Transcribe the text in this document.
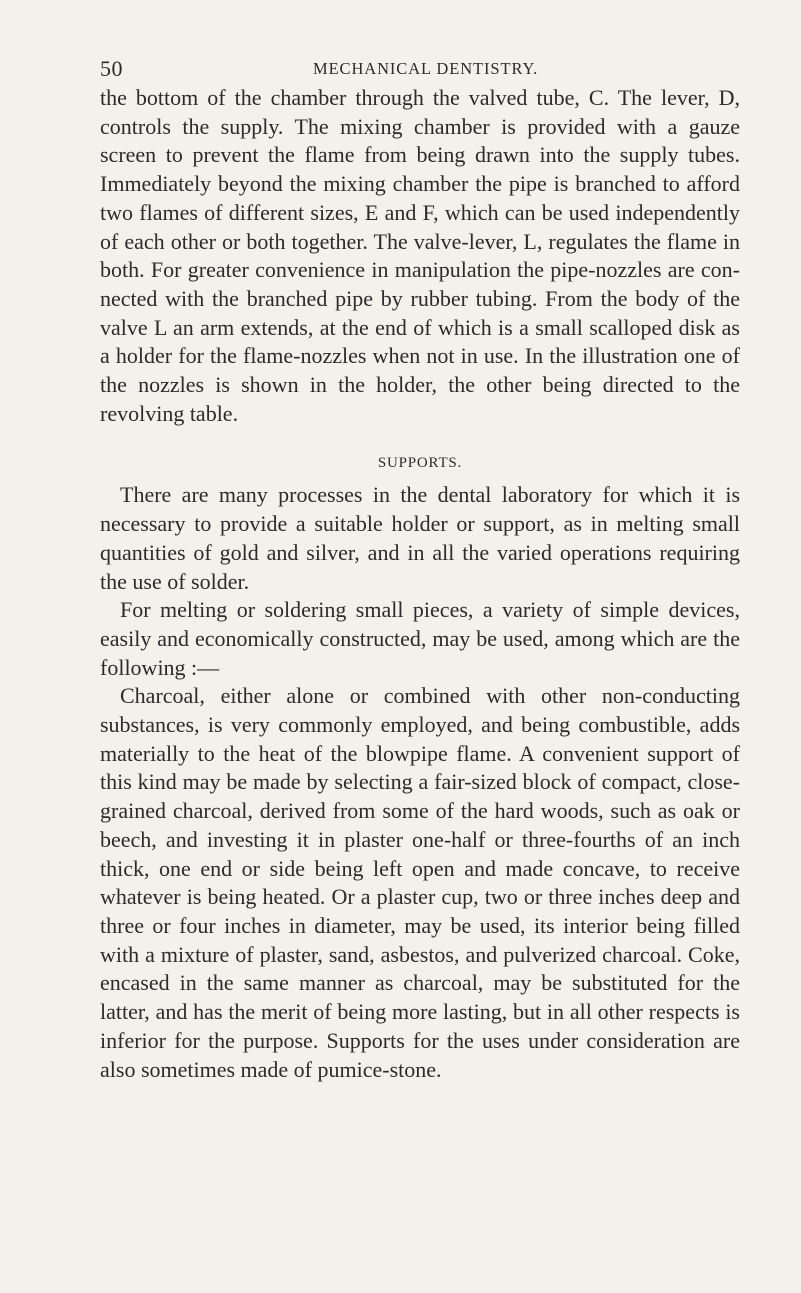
50	MECHANICAL DENTISTRY.

the bottom of the chamber through the valved tube, C. The lever, D, controls the supply. The mixing chamber is provided with a gauze screen to prevent the flame from being drawn into the supply tubes. Immediately beyond the mixing chamber the pipe is branched to afford two flames of different sizes, E and F, which can be used independently of each other or both together. The valve-lever, L, regulates the flame in both. For greater convenience in manipulation the pipe-nozzles are connected with the branched pipe by rubber tubing. From the body of the valve L an arm extends, at the end of which is a small scalloped disk as a holder for the flame-nozzles when not in use. In the illustration one of the nozzles is shown in the holder, the other being directed to the revolving table.

SUPPORTS.

There are many processes in the dental laboratory for which it is necessary to provide a suitable holder or support, as in melting small quantities of gold and silver, and in all the varied operations requiring the use of solder.

For melting or soldering small pieces, a variety of simple devices, easily and economically constructed, may be used, among which are the following :—

Charcoal, either alone or combined with other non-conducting substances, is very commonly employed, and being combustible, adds materially to the heat of the blowpipe flame. A convenient support of this kind may be made by selecting a fair-sized block of compact, close-grained charcoal, derived from some of the hard woods, such as oak or beech, and investing it in plaster one-half or three-fourths of an inch thick, one end or side being left open and made concave, to receive whatever is being heated. Or a plaster cup, two or three inches deep and three or four inches in diameter, may be used, its interior being filled with a mixture of plaster, sand, asbestos, and pulverized charcoal. Coke, encased in the same manner as charcoal, may be substituted for the latter, and has the merit of being more lasting, but in all other respects is inferior for the purpose. Supports for the uses under consideration are also sometimes made of pumice-stone.
